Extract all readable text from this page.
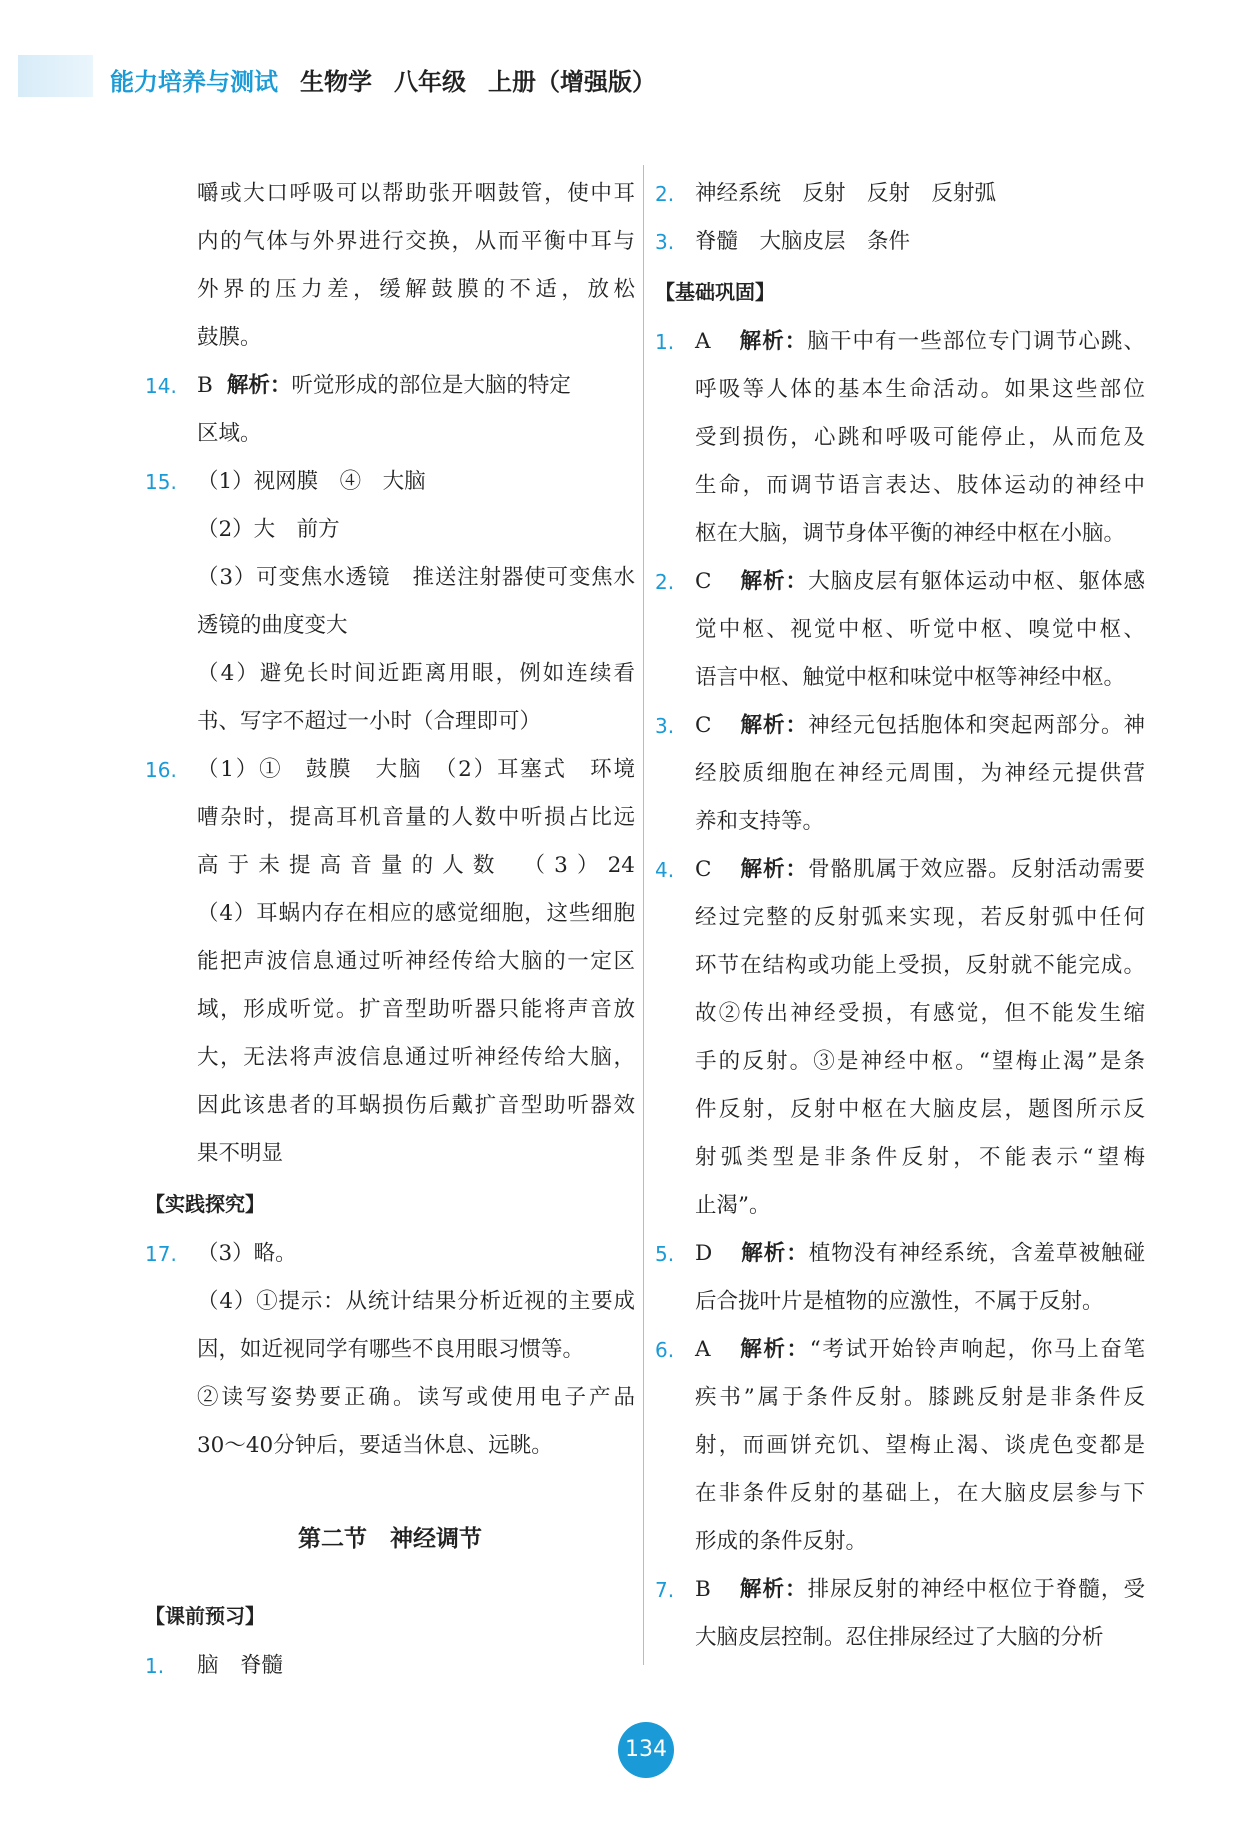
能力培养与测试 生物学 八年级 上册（增强版）
嚼或大口呼吸可以帮助张开咽鼓管，使中耳
内的气体与外界进行交换，从而平衡中耳与
外界的压力差，缓解鼓膜的不适，放松
鼓膜。
14. B 解析：听觉形成的部位是大脑的特定
区域。
15. （1）视网膜　④　大脑
（2）大　前方
（3）可变焦水透镜　推送注射器使可变焦水
透镜的曲度变大
（4）避免长时间近距离用眼，例如连续看
书、写字不超过一小时（合理即可）
16. （1）①　鼓膜　大脑　（2）耳塞式　环境
嘈杂时，提高耳机音量的人数中听损占比远
高于未提高音量的人数　（3）24
（4）耳蜗内存在相应的感觉细胞，这些细胞
能把声波信息通过听神经传给大脑的一定区
域，形成听觉。扩音型助听器只能将声音放
大，无法将声波信息通过听神经传给大脑，
因此该患者的耳蜗损伤后戴扩音型助听器效
果不明显
【实践探究】
17. （3）略。
（4）①提示：从统计结果分析近视的主要成
因，如近视同学有哪些不良用眼习惯等。
②读写姿势要正确。读写或使用电子产品
30～40分钟后，要适当休息、远眺。
第二节　神经调节
【课前预习】
1. 脑　脊髓
2. 神经系统　反射　反射　反射弧
3. 脊髓　大脑皮层　条件
【基础巩固】
1. A 解析：脑干中有一些部位专门调节心跳、
呼吸等人体的基本生命活动。如果这些部位
受到损伤，心跳和呼吸可能停止，从而危及
生命，而调节语言表达、肢体运动的神经中
枢在大脑，调节身体平衡的神经中枢在小脑。
2. C 解析：大脑皮层有躯体运动中枢、躯体感
觉中枢、视觉中枢、听觉中枢、嗅觉中枢、
语言中枢、触觉中枢和味觉中枢等神经中枢。
3. C 解析：神经元包括胞体和突起两部分。神
经胶质细胞在神经元周围，为神经元提供营
养和支持等。
4. C 解析：骨骼肌属于效应器。反射活动需要
经过完整的反射弧来实现，若反射弧中任何
环节在结构或功能上受损，反射就不能完成。
故②传出神经受损，有感觉，但不能发生缩
手的反射。③是神经中枢。“望梅止渴”是条
件反射，反射中枢在大脑皮层，题图所示反
射弧类型是非条件反射，不能表示“望梅
止渴”。
5. D 解析：植物没有神经系统，含羞草被触碰
后合拢叶片是植物的应激性，不属于反射。
6. A 解析：“考试开始铃声响起，你马上奋笔
疾书”属于条件反射。膝跳反射是非条件反
射，而画饼充饥、望梅止渴、谈虎色变都是
在非条件反射的基础上，在大脑皮层参与下
形成的条件反射。
7. B 解析：排尿反射的神经中枢位于脊髓，受
大脑皮层控制。忍住排尿经过了大脑的分析
134
